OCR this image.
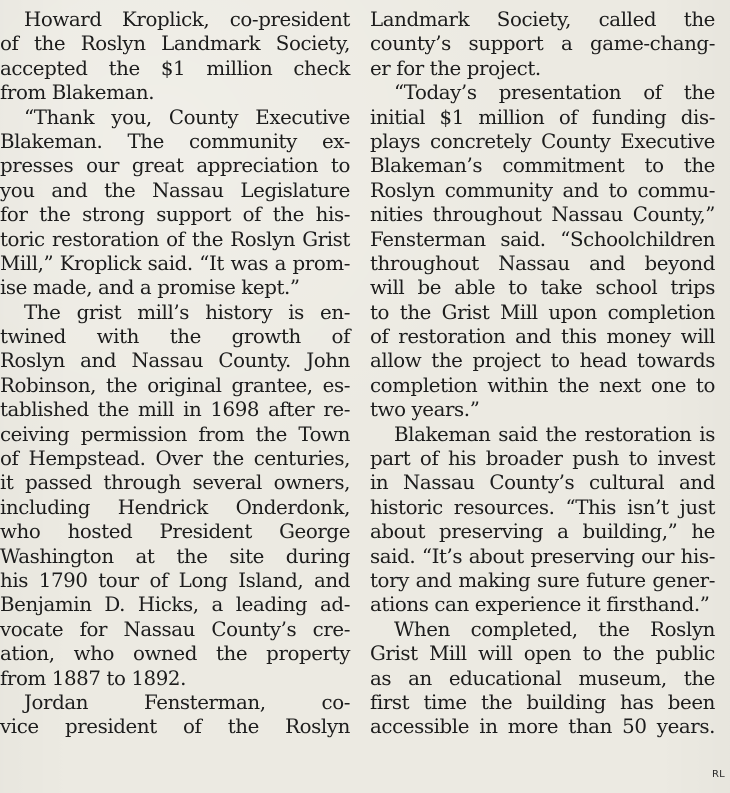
Howard Kroplick, co-president
of the Roslyn Landmark Society,
accepted the $1 million check
from Blakeman.
“Thank you, County Executive
Blakeman. The community ex-
presses our great appreciation to
you and the Nassau Legislature
for the strong support of the his-
toric restoration of the Roslyn Grist
Mill,” Kroplick said. “It was a prom-
ise made, and a promise kept.”
The grist mill’s history is en-
twined with the growth of
Roslyn and Nassau County. John
Robinson, the original grantee, es-
tablished the mill in 1698 after re-
ceiving permission from the Town
of Hempstead. Over the centuries,
it passed through several owners,
including Hendrick Onderdonk,
who hosted President George
Washington at the site during
his 1790 tour of Long Island, and
Benjamin D. Hicks, a leading ad-
vocate for Nassau County’s cre-
ation, who owned the property
from 1887 to 1892.
Jordan Fensterman, co-
vice president of the Roslyn
Landmark Society, called the
county’s support a game-chang-
er for the project.
“Today’s presentation of the
initial $1 million of funding dis-
plays concretely County Executive
Blakeman’s commitment to the
Roslyn community and to commu-
nities throughout Nassau County,”
Fensterman said. “Schoolchildren
throughout Nassau and beyond
will be able to take school trips
to the Grist Mill upon completion
of restoration and this money will
allow the project to head towards
completion within the next one to
two years.”
Blakeman said the restoration is
part of his broader push to invest
in Nassau County’s cultural and
historic resources. “This isn’t just
about preserving a building,” he
said. “It’s about preserving our his-
tory and making sure future gener-
ations can experience it firsthand.”
When completed, the Roslyn
Grist Mill will open to the public
as an educational museum, the
first time the building has been
accessible in more than 50 years.
RL
